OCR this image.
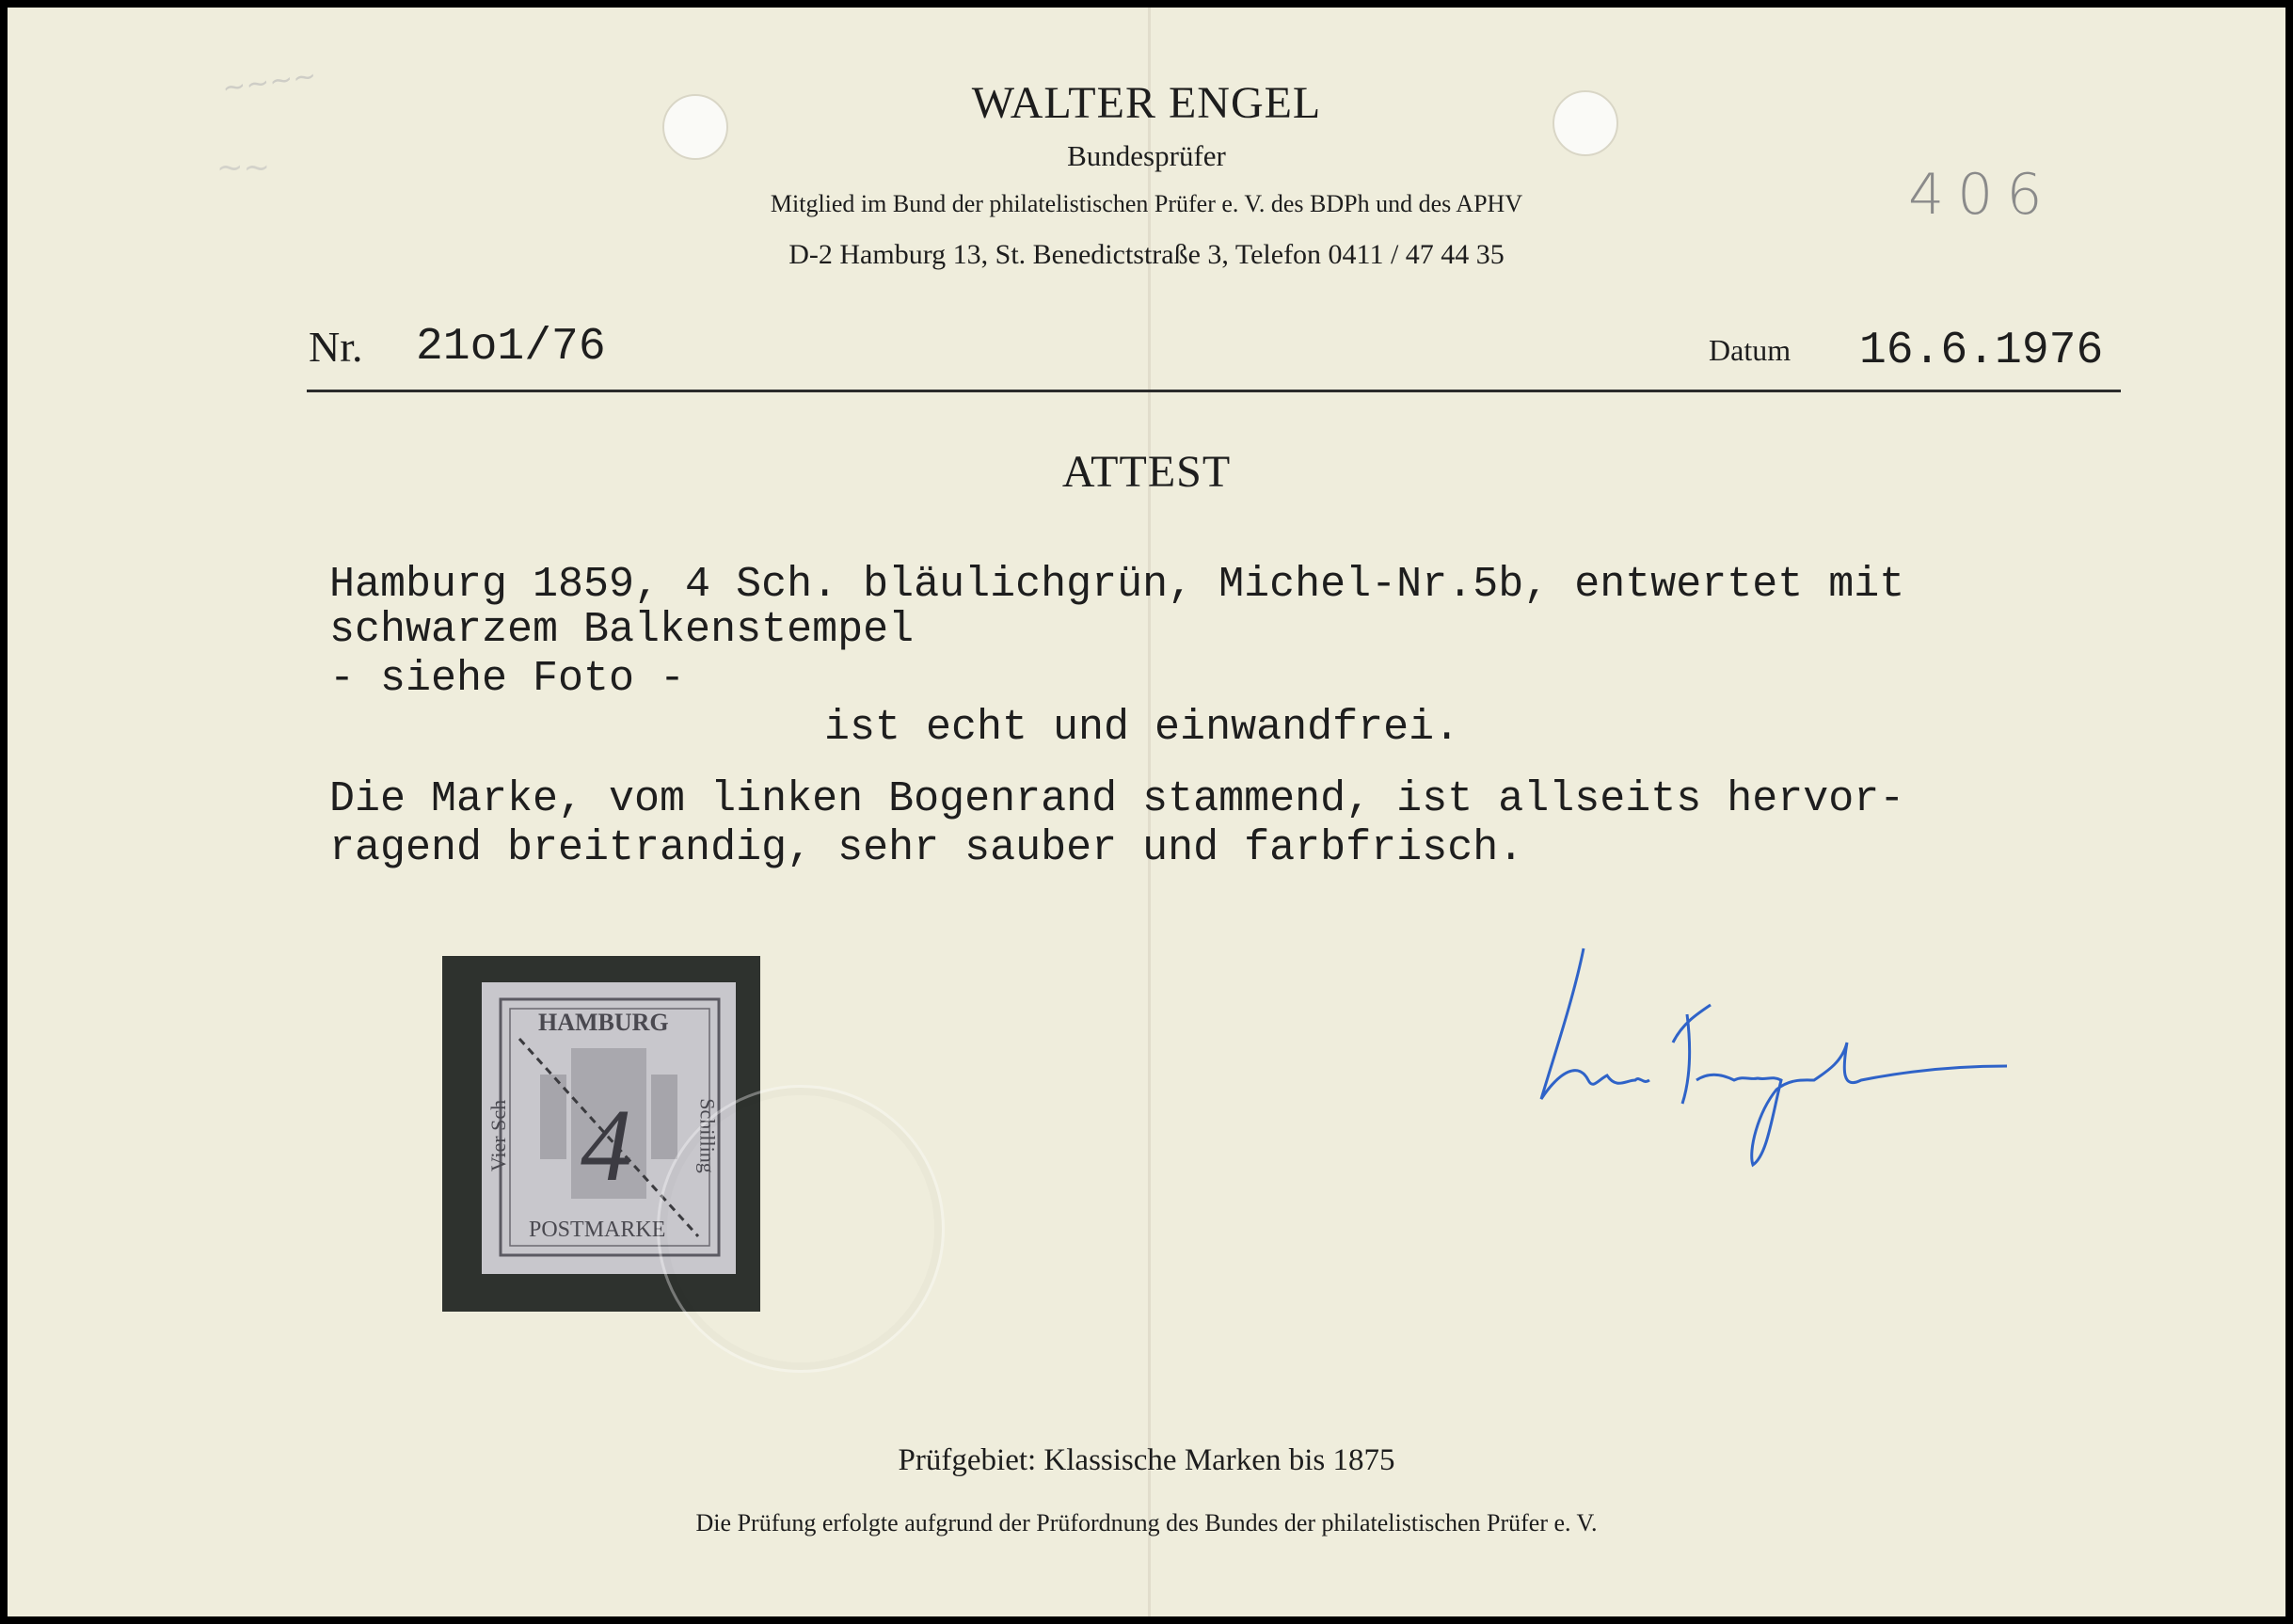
~~~~
~~
WALTER ENGEL
Bundesprüfer
Mitglied im Bund der philatelistischen Prüfer e. V. des BDPh und des APHV
D-2 Hamburg 13, St. Benedictstraße 3, Telefon 0411 / 47 44 35
406
Nr. 21o1/76	Datum 16.6.1976
ATTEST
Hamburg 1859, 4 Sch. bläulichgrün, Michel-Nr.5b, entwertet mit
schwarzem Balkenstempel
- siehe Foto -
ist echt und einwandfrei.
Die Marke, vom linken Bogenrand stammend, ist allseits hervor-
ragend breitrandig, sehr sauber und farbfrisch.
HAMBURG
Vier Sch	Schilling
4
POSTMARKE
Prüfgebiet: Klassische Marken bis 1875
Die Prüfung erfolgte aufgrund der Prüfordnung des Bundes der philatelistischen Prüfer e. V.
